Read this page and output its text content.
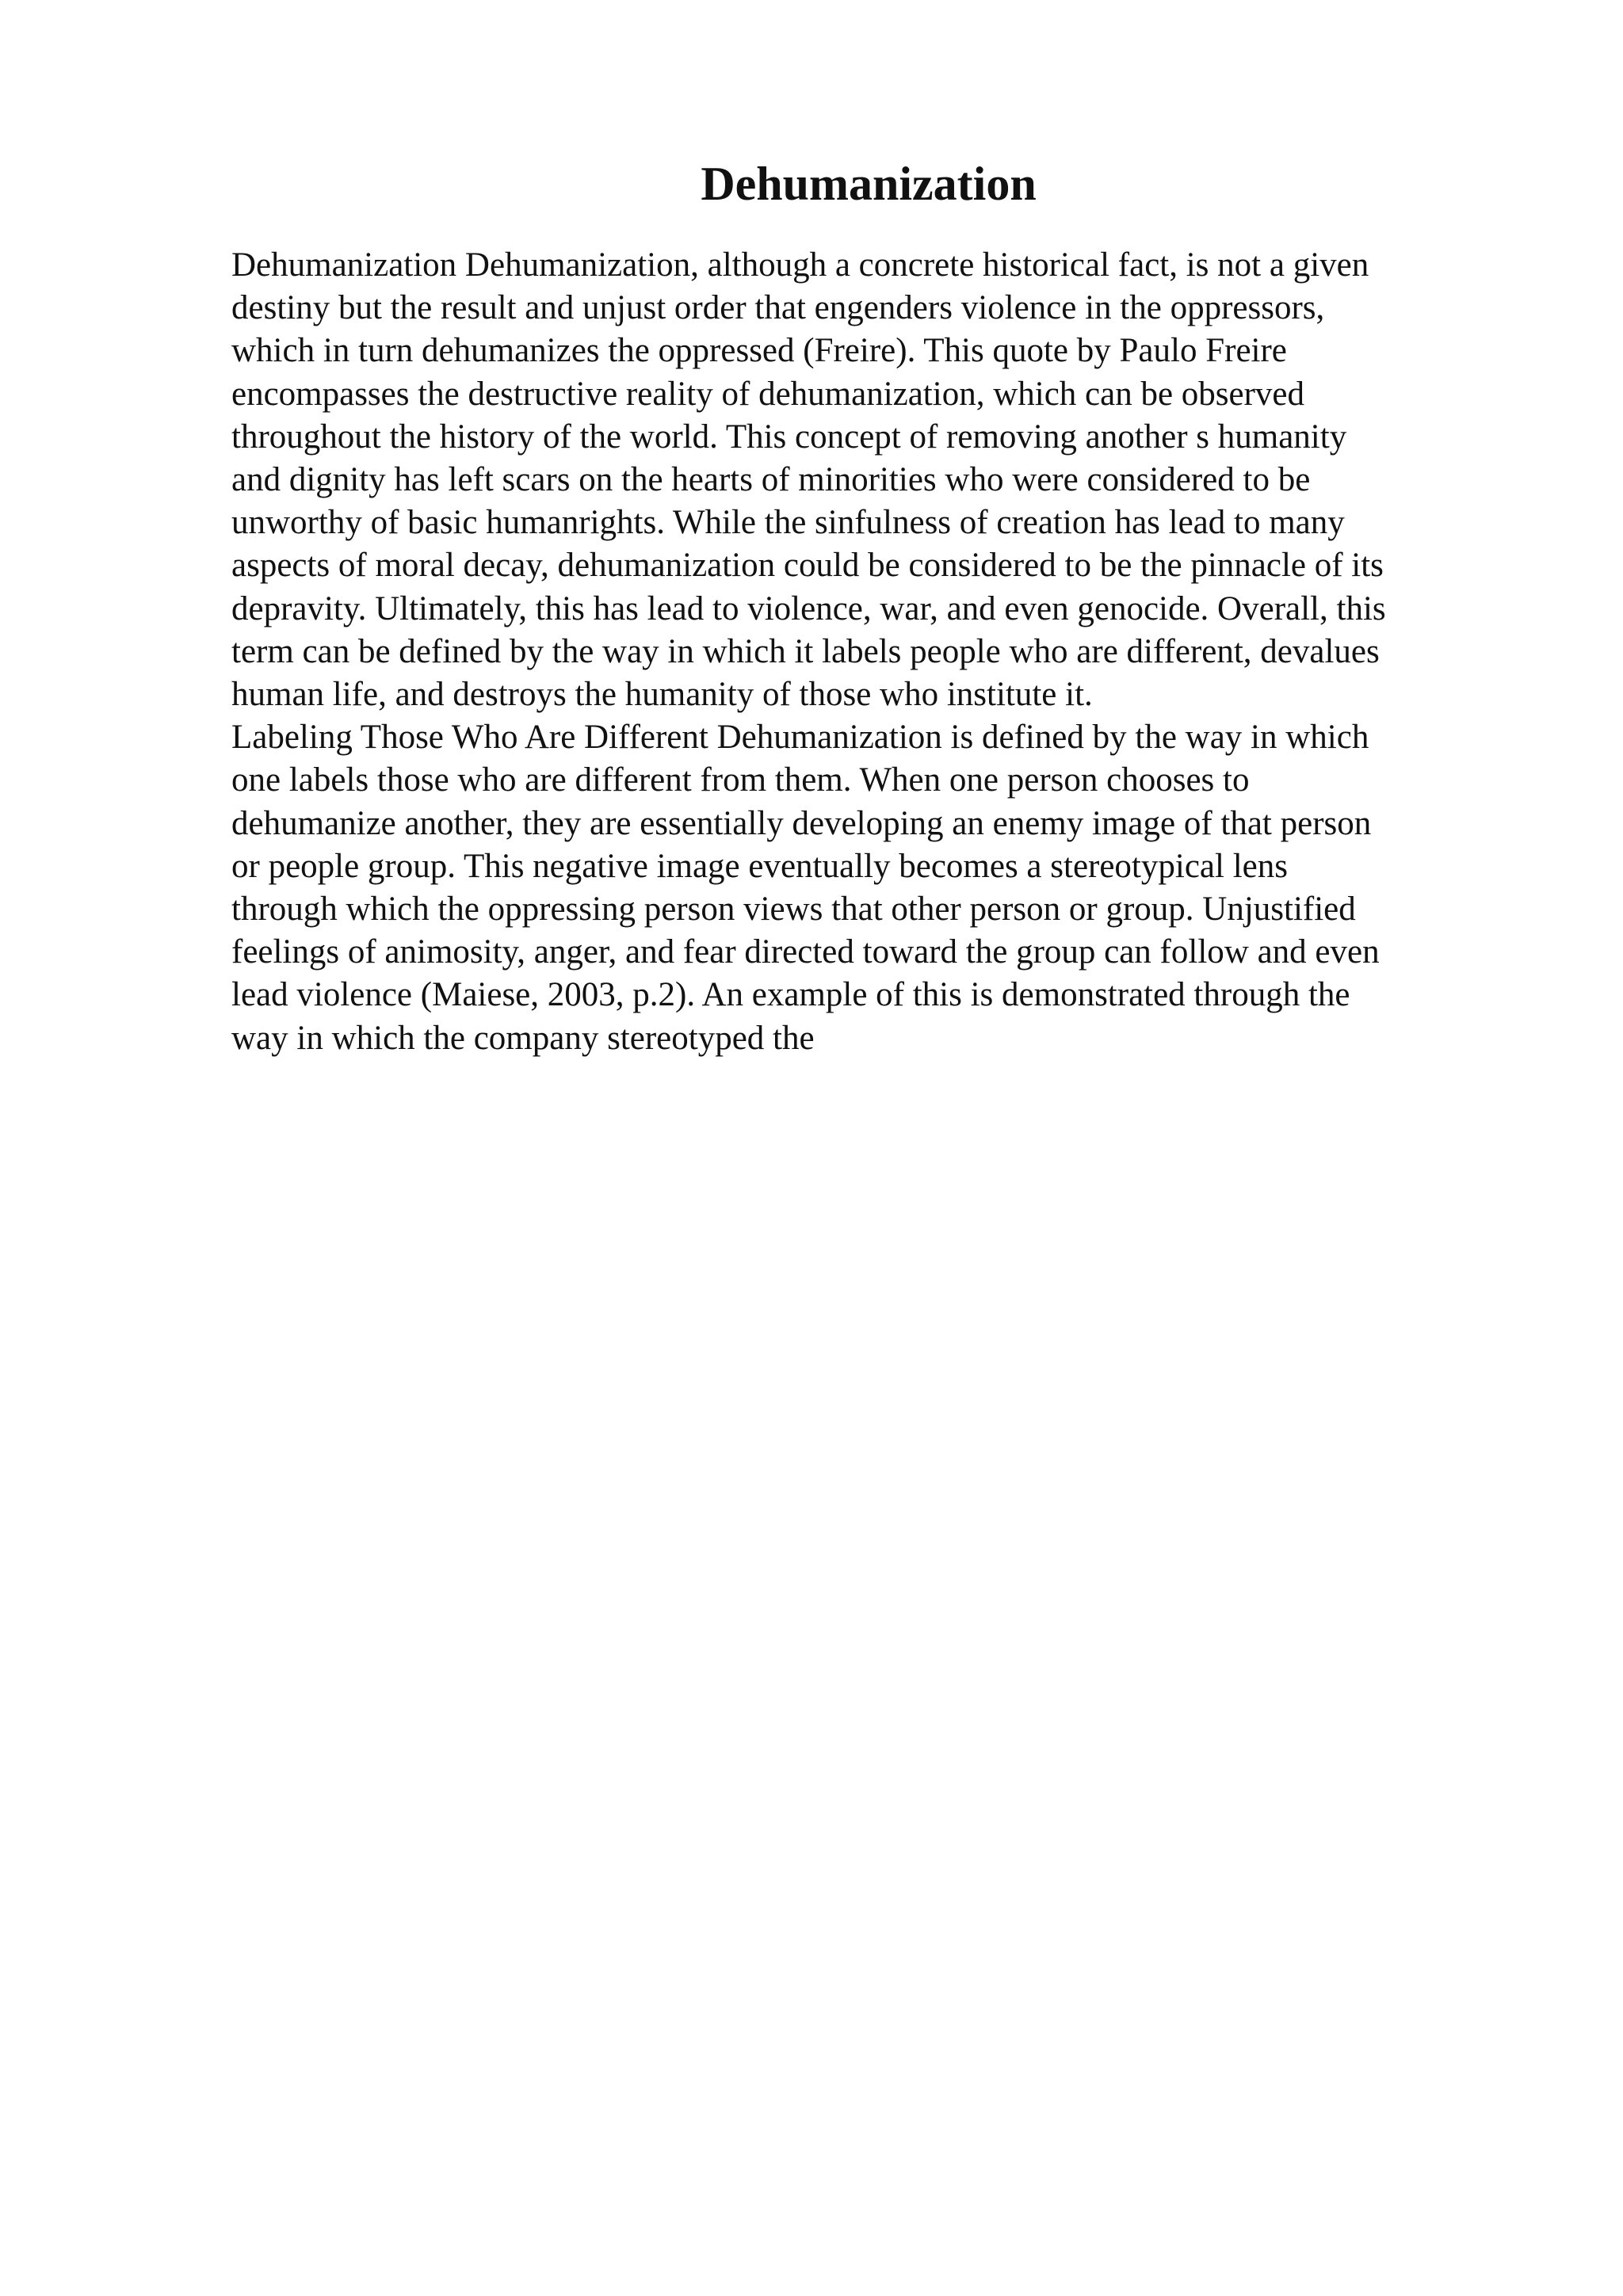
Dehumanization
Dehumanization Dehumanization, although a concrete historical fact, is not a given
destiny but the result and unjust order that engenders violence in the oppressors,
which in turn dehumanizes the oppressed (Freire). This quote by Paulo Freire
encompasses the destructive reality of dehumanization, which can be observed
throughout the history of the world. This concept of removing another s humanity
and dignity has left scars on the hearts of minorities who were considered to be
unworthy of basic humanrights. While the sinfulness of creation has lead to many
aspects of moral decay, dehumanization could be considered to be the pinnacle of its
depravity. Ultimately, this has lead to violence, war, and even genocide. Overall, this
term can be defined by the way in which it labels people who are different, devalues
human life, and destroys the humanity of those who institute it.
Labeling Those Who Are Different Dehumanization is defined by the way in which
one labels those who are different from them. When one person chooses to
dehumanize another, they are essentially developing an enemy image of that person
or people group. This negative image eventually becomes a stereotypical lens
through which the oppressing person views that other person or group. Unjustified
feelings of animosity, anger, and fear directed toward the group can follow and even
lead violence (Maiese, 2003, p.2). An example of this is demonstrated through the
way in which the company stereotyped the
